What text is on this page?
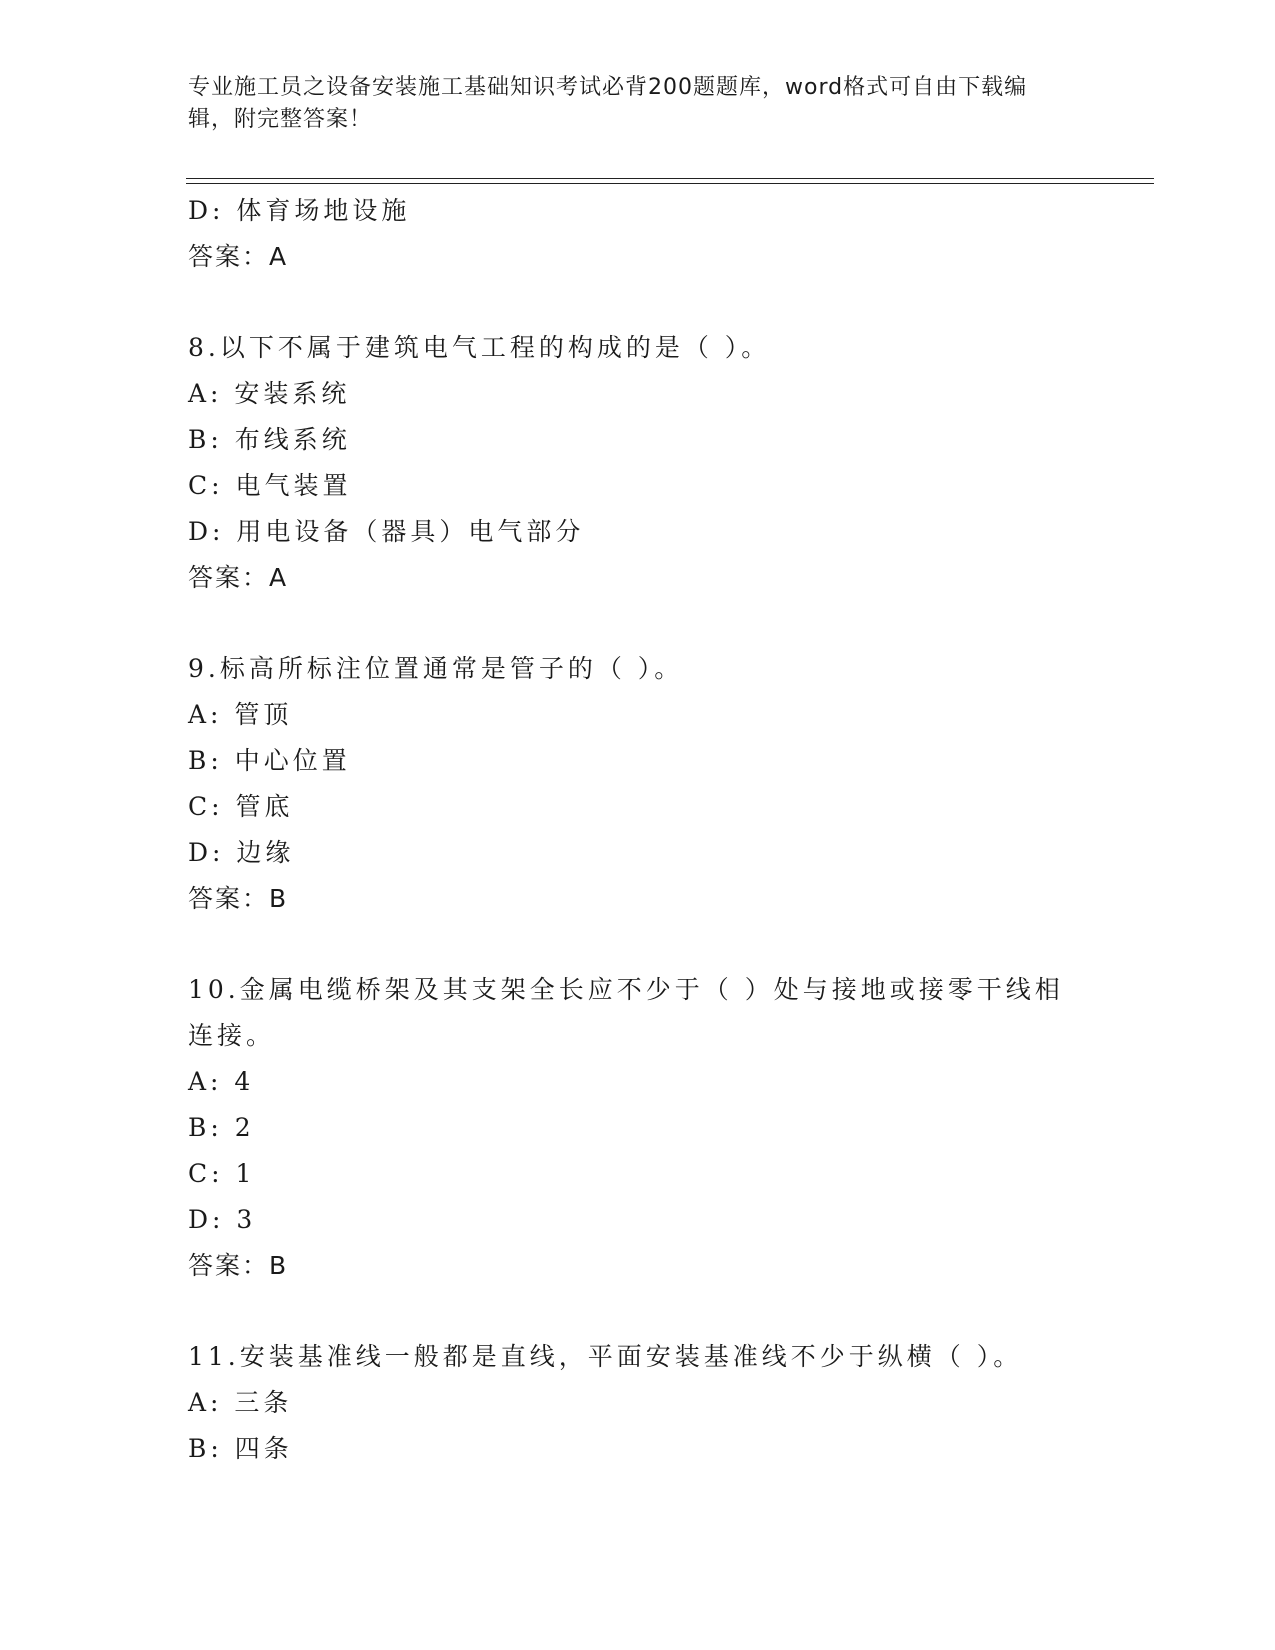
专业施工员之设备安装施工基础知识考试必背200题题库，word格式可自由下载编辑，附完整答案！
D: 体育场地设施
答案：A
8.以下不属于建筑电气工程的构成的是（ ）。
A: 安装系统
B: 布线系统
C: 电气装置
D: 用电设备（器具）电气部分
答案：A
9.标高所标注位置通常是管子的（ ）。
A: 管顶
B: 中心位置
C: 管底
D: 边缘
答案：B
10.金属电缆桥架及其支架全长应不少于（ ）处与接地或接零干线相连接。
A: 4
B: 2
C: 1
D: 3
答案：B
11.安装基准线一般都是直线，平面安装基准线不少于纵横（ ）。
A: 三条
B: 四条
